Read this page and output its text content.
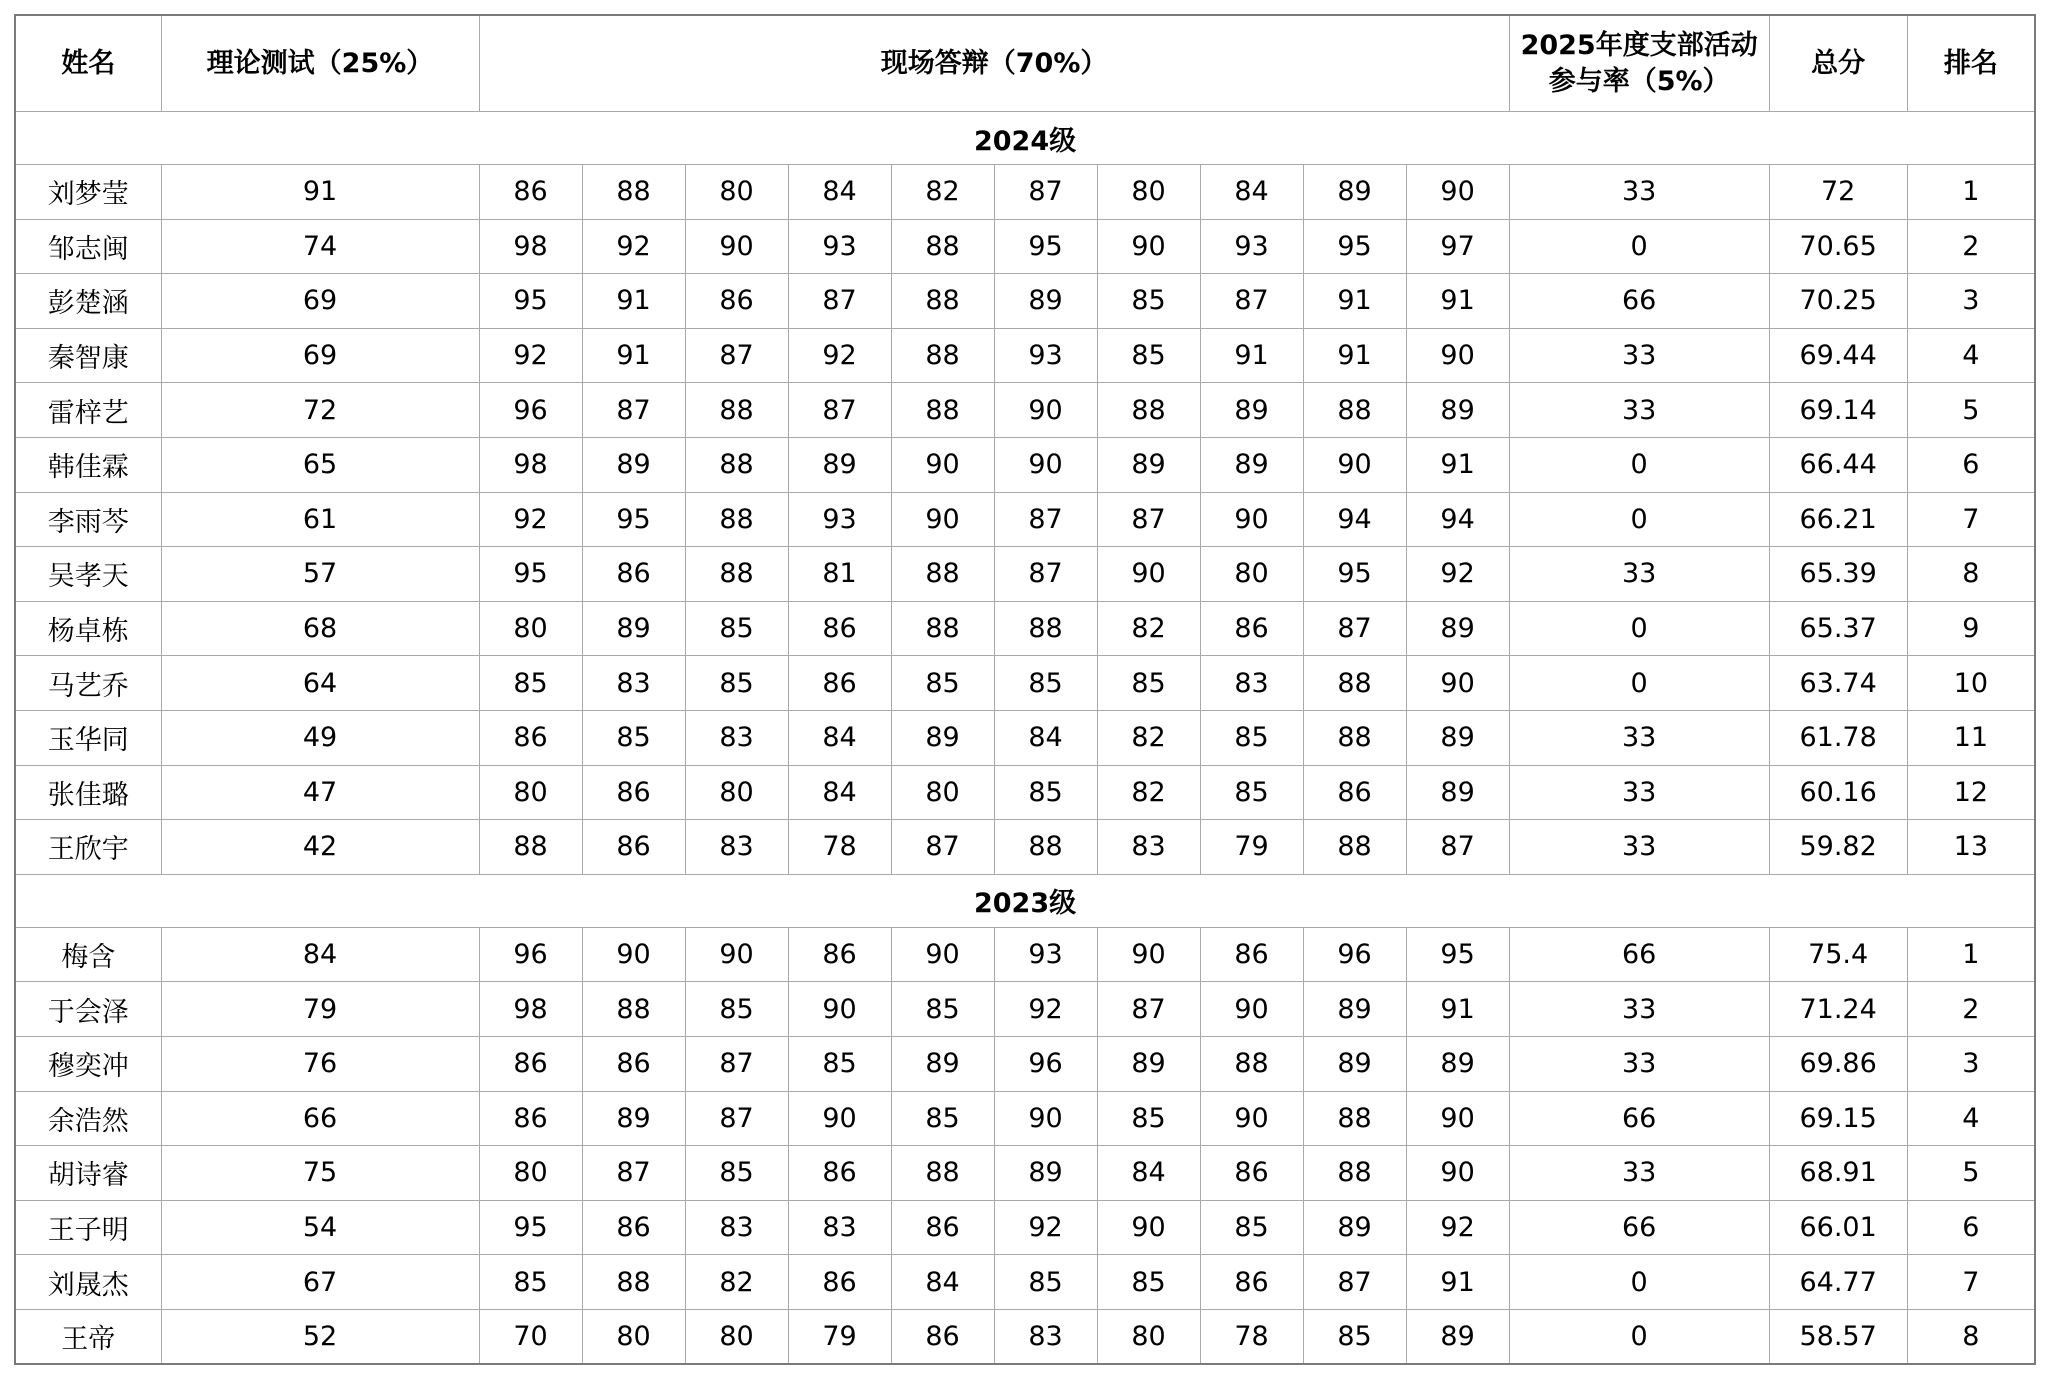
姓名	理论测试（25%）	现场答辩（70%）										2025年度支部活动参与率（5%）	总分	排名
2024级														
刘梦莹	91	86	88	80	84	82	87	80	84	89	90	33	72	1
邹志闽	74	98	92	90	93	88	95	90	93	95	97	0	70.65	2
彭楚涵	69	95	91	86	87	88	89	85	87	91	91	66	70.25	3
秦智康	69	92	91	87	92	88	93	85	91	91	90	33	69.44	4
雷梓艺	72	96	87	88	87	88	90	88	89	88	89	33	69.14	5
韩佳霖	65	98	89	88	89	90	90	89	89	90	91	0	66.44	6
李雨芩	61	92	95	88	93	90	87	87	90	94	94	0	66.21	7
吴孝天	57	95	86	88	81	88	87	90	80	95	92	33	65.39	8
杨卓栋	68	80	89	85	86	88	88	82	86	87	89	0	65.37	9
马艺乔	64	85	83	85	86	85	85	85	83	88	90	0	63.74	10
玉华同	49	86	85	83	84	89	84	82	85	88	89	33	61.78	11
张佳璐	47	80	86	80	84	80	85	82	85	86	89	33	60.16	12
王欣宇	42	88	86	83	78	87	88	83	79	88	87	33	59.82	13
2023级														
梅含	84	96	90	90	86	90	93	90	86	96	95	66	75.4	1
于会泽	79	98	88	85	90	85	92	87	90	89	91	33	71.24	2
穆奕冲	76	86	86	87	85	89	96	89	88	89	89	33	69.86	3
余浩然	66	86	89	87	90	85	90	85	90	88	90	66	69.15	4
胡诗睿	75	80	87	85	86	88	89	84	86	88	90	33	68.91	5
王子明	54	95	86	83	83	86	92	90	85	89	92	66	66.01	6
刘晟杰	67	85	88	82	86	84	85	85	86	87	91	0	64.77	7
王帝	52	70	80	80	79	86	83	80	78	85	89	0	58.57	8
